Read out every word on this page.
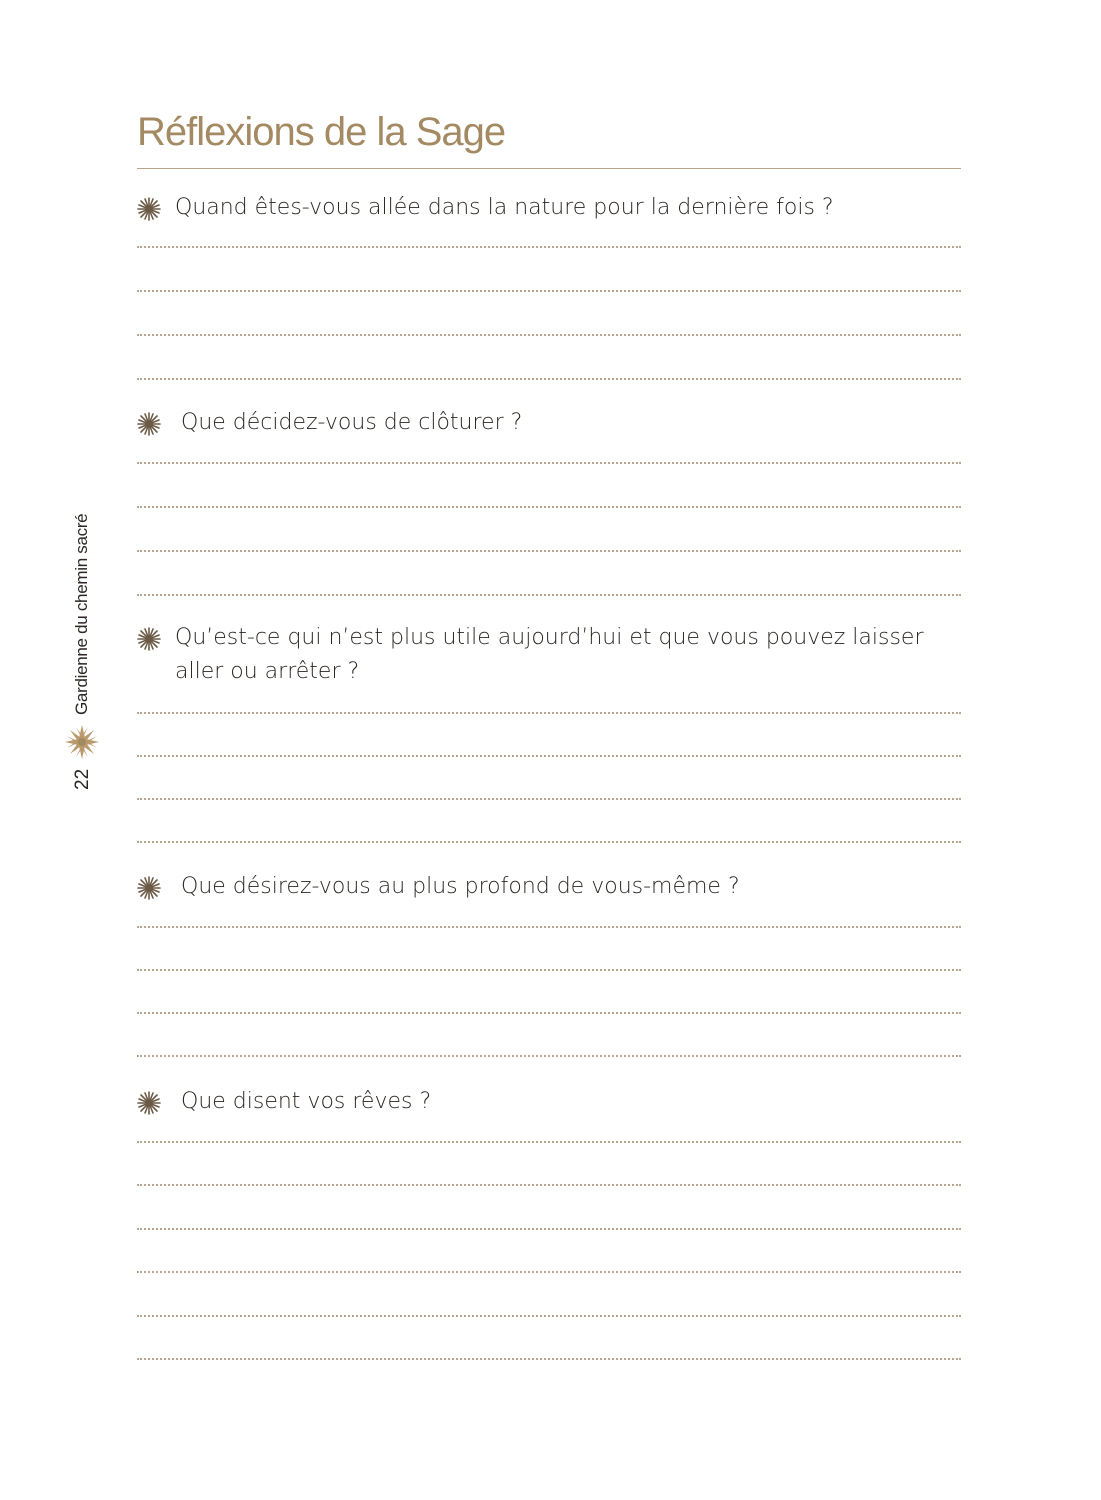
Réflexions de la Sage
Quand êtes-vous allée dans la nature pour la dernière fois ?
Que décidez-vous de clôturer ?
Qu’est-ce qui n’est plus utile aujourd’hui et que vous pouvez laisser aller ou arrêter ?
Que désirez-vous au plus profond de vous-même ?
Que disent vos rêves ?
Gardienne du chemin sacré
22
